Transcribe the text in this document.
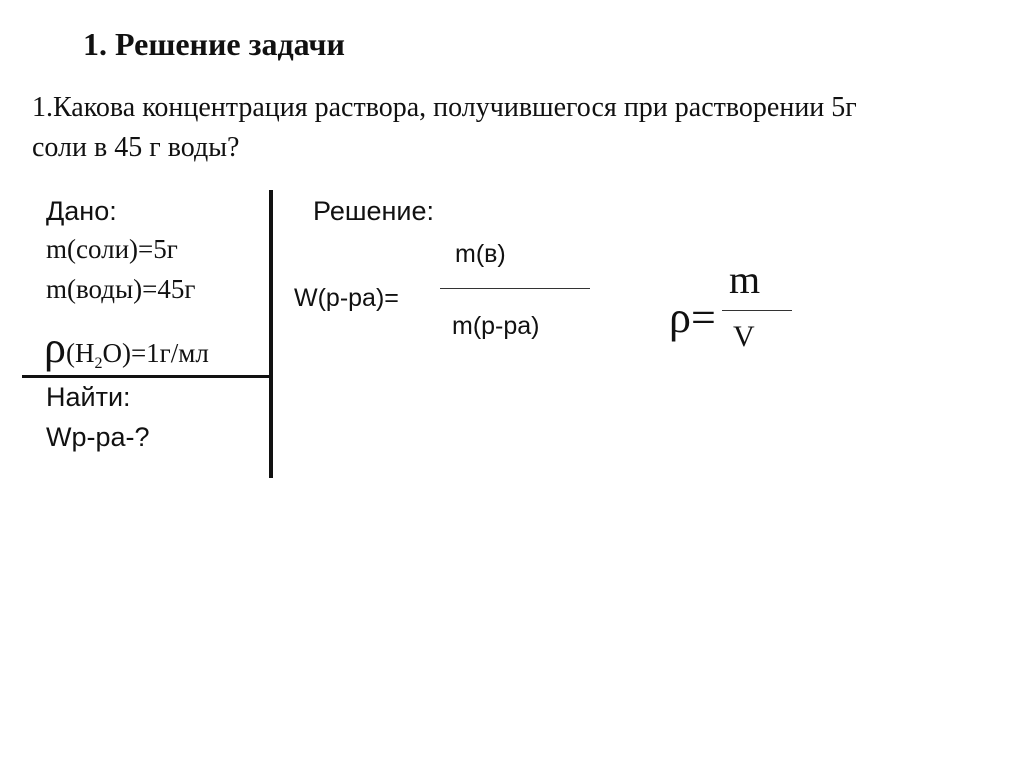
1. Решение задачи
1.Какова концентрация раствора, получившегося при растворении 5г соли в 45 г воды?
Дано:
m(соли)=5г
m(воды)=45г
$\rho(H_2O)=1г/мл$
Найти:
Wр-ра-?
Решение:
m(в)
W(р-ра)=
m(р-ра)	ρ=
m
V
